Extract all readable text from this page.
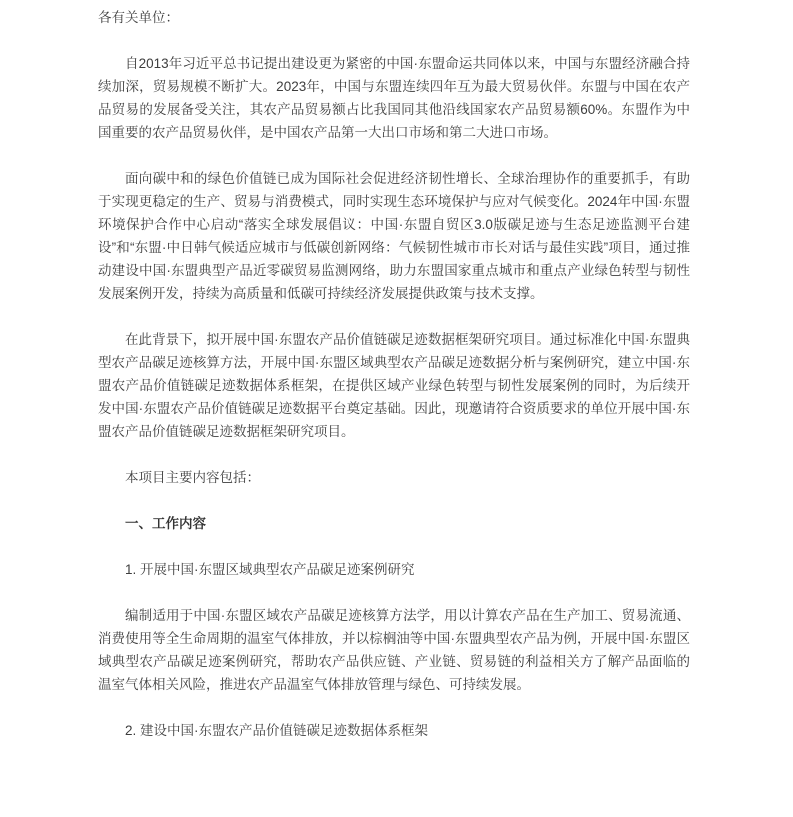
各有关单位：
自2013年习近平总书记提出建设更为紧密的中国·东盟命运共同体以来，中国与东盟经济融合持续加深，贸易规模不断扩大。2023年，中国与东盟连续四年互为最大贸易伙伴。东盟与中国在农产品贸易的发展备受关注，其农产品贸易额占比我国同其他沿线国家农产品贸易额60%。东盟作为中国重要的农产品贸易伙伴，是中国农产品第一大出口市场和第二大进口市场。
面向碳中和的绿色价值链已成为国际社会促进经济韧性增长、全球治理协作的重要抓手，有助于实现更稳定的生产、贸易与消费模式，同时实现生态环境保护与应对气候变化。2024年中国·东盟环境保护合作中心启动“落实全球发展倡议：中国·东盟自贸区3.0版碳足迹与生态足迹监测平台建设”和“东盟·中日韩气候适应城市与低碳创新网络：气候韧性城市市长对话与最佳实践”项目，通过推动建设中国·东盟典型产品近零碳贸易监测网络，助力东盟国家重点城市和重点产业绿色转型与韧性发展案例开发，持续为高质量和低碳可持续经济发展提供政策与技术支撑。
在此背景下，拟开展中国·东盟农产品价值链碳足迹数据框架研究项目。通过标准化中国·东盟典型农产品碳足迹核算方法，开展中国·东盟区域典型农产品碳足迹数据分析与案例研究，建立中国·东盟农产品价值链碳足迹数据体系框架，在提供区域产业绿色转型与韧性发展案例的同时，为后续开发中国·东盟农产品价值链碳足迹数据平台奠定基础。因此，现邀请符合资质要求的单位开展中国·东盟农产品价值链碳足迹数据框架研究项目。
本项目主要内容包括：
一、工作内容
1. 开展中国·东盟区域典型农产品碳足迹案例研究
编制适用于中国·东盟区域农产品碳足迹核算方法学，用以计算农产品在生产加工、贸易流通、消费使用等全生命周期的温室气体排放，并以棕榈油等中国·东盟典型农产品为例，开展中国·东盟区域典型农产品碳足迹案例研究，帮助农产品供应链、产业链、贸易链的利益相关方了解产品面临的温室气体相关风险，推进农产品温室气体排放管理与绿色、可持续发展。
2. 建设中国·东盟农产品价值链碳足迹数据体系框架
